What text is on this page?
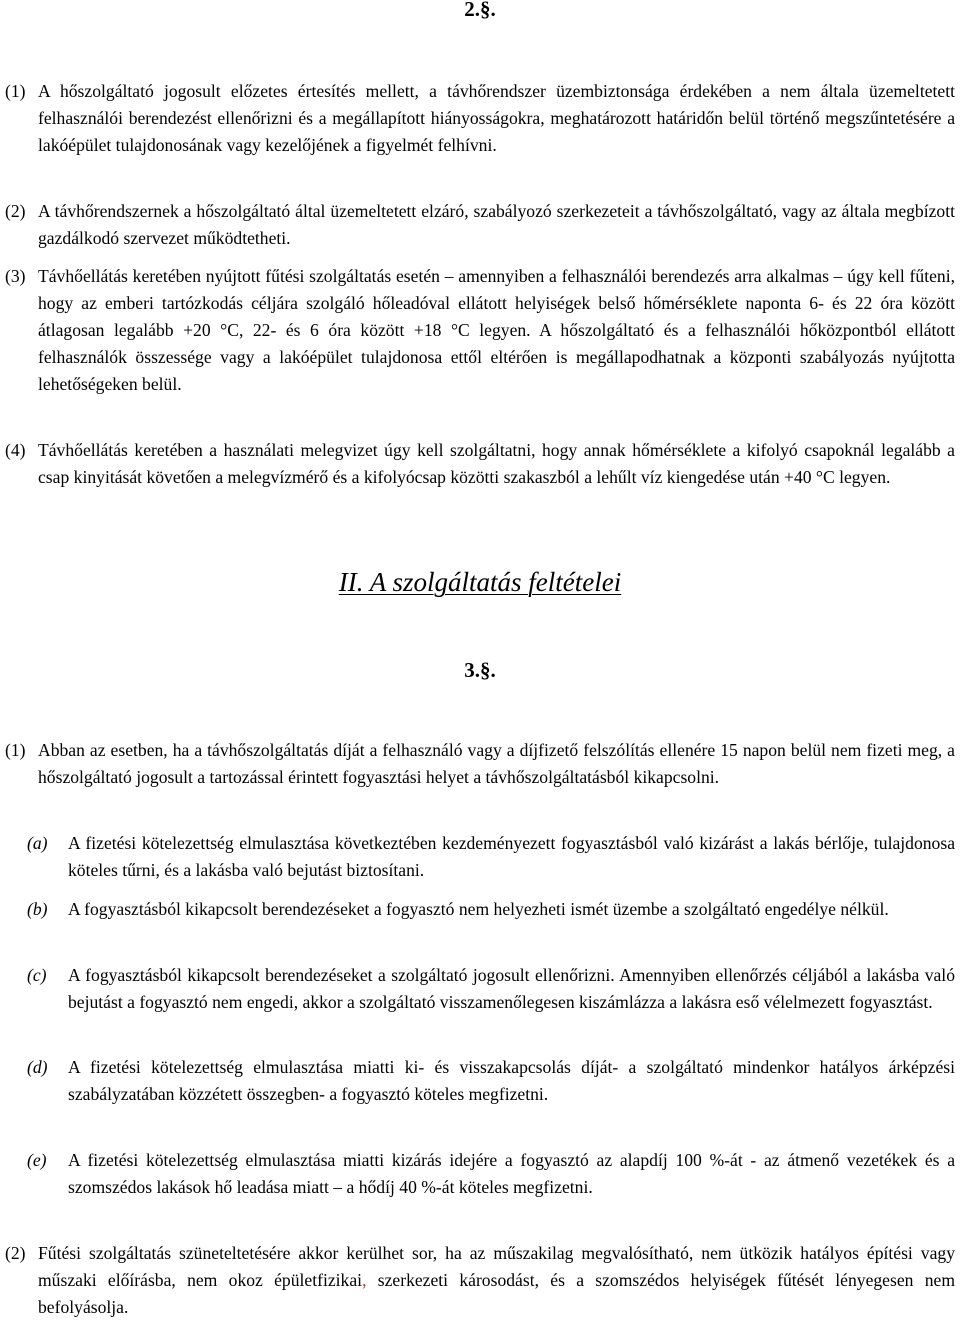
2.§.
(1) A hőszolgáltató jogosult előzetes értesítés mellett, a távhőrendszer üzembiztonsága érdekében a nem általa üzemeltetett felhasználói berendezést ellenőrizni és a megállapított hiányosságokra, meghatározott határidőn belül történő megszűntetésére a lakóépület tulajdonosának vagy kezelőjének a figyelmét felhívni.
(2) A távhőrendszernek a hőszolgáltató által üzemeltetett elzáró, szabályozó szerkezeteit a távhőszolgáltató, vagy az általa megbízott gazdálkodó szervezet működtetheti.
(3) Távhőellátás keretében nyújtott fűtési szolgáltatás esetén – amennyiben a felhasználói berendezés arra alkalmas – úgy kell fűteni, hogy az emberi tartózkodás céljára szolgáló hőleadóval ellátott helyiségek belső hőmérséklete naponta 6- és 22 óra között átlagosan legalább +20 °C, 22- és 6 óra között +18 °C legyen. A hőszolgáltató és a felhasználói hőközpontból ellátott felhasználók összessége vagy a lakóépület tulajdonosa ettől eltérően is megállapodhatnak a központi szabályozás nyújtotta lehetőségeken belül.
(4) Távhőellátás keretében a használati melegvizet úgy kell szolgáltatni, hogy annak hőmérséklete a kifolyó csapoknál legalább a csap kinyitását követően a melegvízmérő és a kifolyócsap közötti szakaszból a lehűlt víz kiengedése után +40 °C legyen.
II. A szolgáltatás feltételei
3.§.
(1) Abban az esetben, ha a távhőszolgáltatás díját a felhasználó vagy a díjfizető felszólítás ellenére 15 napon belül nem fizeti meg, a hőszolgáltató jogosult a tartozással érintett fogyasztási helyet a távhőszolgáltatásból kikapcsolni.
(a) A fizetési kötelezettség elmulasztása következtében kezdeményezett fogyasztásból való kizárást a lakás bérlője, tulajdonosa köteles tűrni, és a lakásba való bejutást biztosítani.
(b) A fogyasztásból kikapcsolt berendezéseket a fogyasztó nem helyezheti ismét üzembe a szolgáltató engedélye nélkül.
(c) A fogyasztásból kikapcsolt berendezéseket a szolgáltató jogosult ellenőrizni. Amennyiben ellenőrzés céljából a lakásba való bejutást a fogyasztó nem engedi, akkor a szolgáltató visszamenőlegesen kiszámlázza a lakásra eső vélelmezett fogyasztást.
(d) A fizetési kötelezettség elmulasztása miatti ki- és visszakapcsolás díját- a szolgáltató mindenkor hatályos árképzési szabályzatában közzétett összegben- a fogyasztó köteles megfizetni.
(e) A fizetési kötelezettség elmulasztása miatti kizárás idejére a fogyasztó az alapdíj 100 %-át - az átmenő vezetékek és a szomszédos lakások hő leadása miatt – a hődíj 40 %-át köteles megfizetni.
(2) Fűtési szolgáltatás szüneteltetésére akkor kerülhet sor, ha az műszakilag megvalósítható, nem ütközik hatályos építési vagy műszaki előírásba, nem okoz épületfizikai, szerkezeti károsodást, és a szomszédos helyiségek fűtését lényegesen nem befolyásolja.
